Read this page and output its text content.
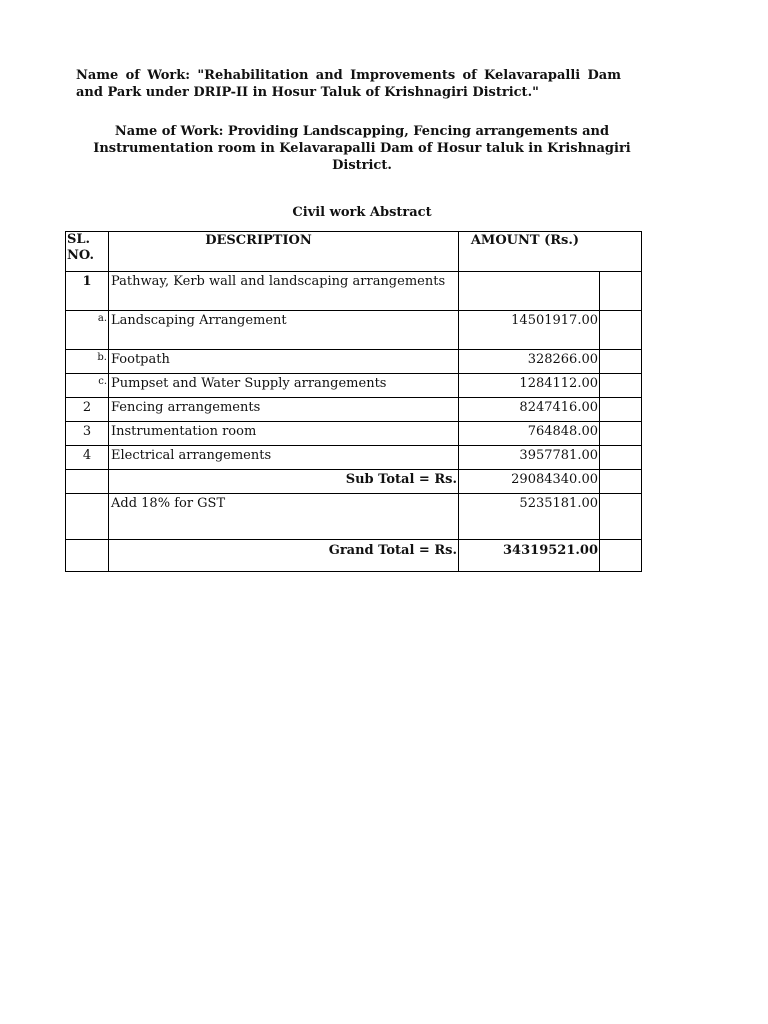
Name of Work: "Rehabilitation and Improvements of Kelavarapalli Dam and Park under DRIP-II in Hosur Taluk of Krishnagiri District."
Name of Work: Providing Landscapping, Fencing arrangements and Instrumentation room in Kelavarapalli Dam of Hosur taluk in Krishnagiri District.
Civil work Abstract
SL. NO.	DESCRIPTION	AMOUNT (Rs.)	
1	Pathway, Kerb wall and landscaping arrangements		
$^{a.}$	Landscaping Arrangement	14501917.00	
$^{b.}$	Footpath	328266.00	
$^{c.}$	Pumpset and Water Supply arrangements	1284112.00	
2	Fencing arrangements	8247416.00	
3	Instrumentation room	764848.00	
4	Electrical arrangements	3957781.00	
	Sub Total = Rs.	29084340.00	
	Add 18% for GST	5235181.00	
	Grand Total = Rs.	34319521.00	
